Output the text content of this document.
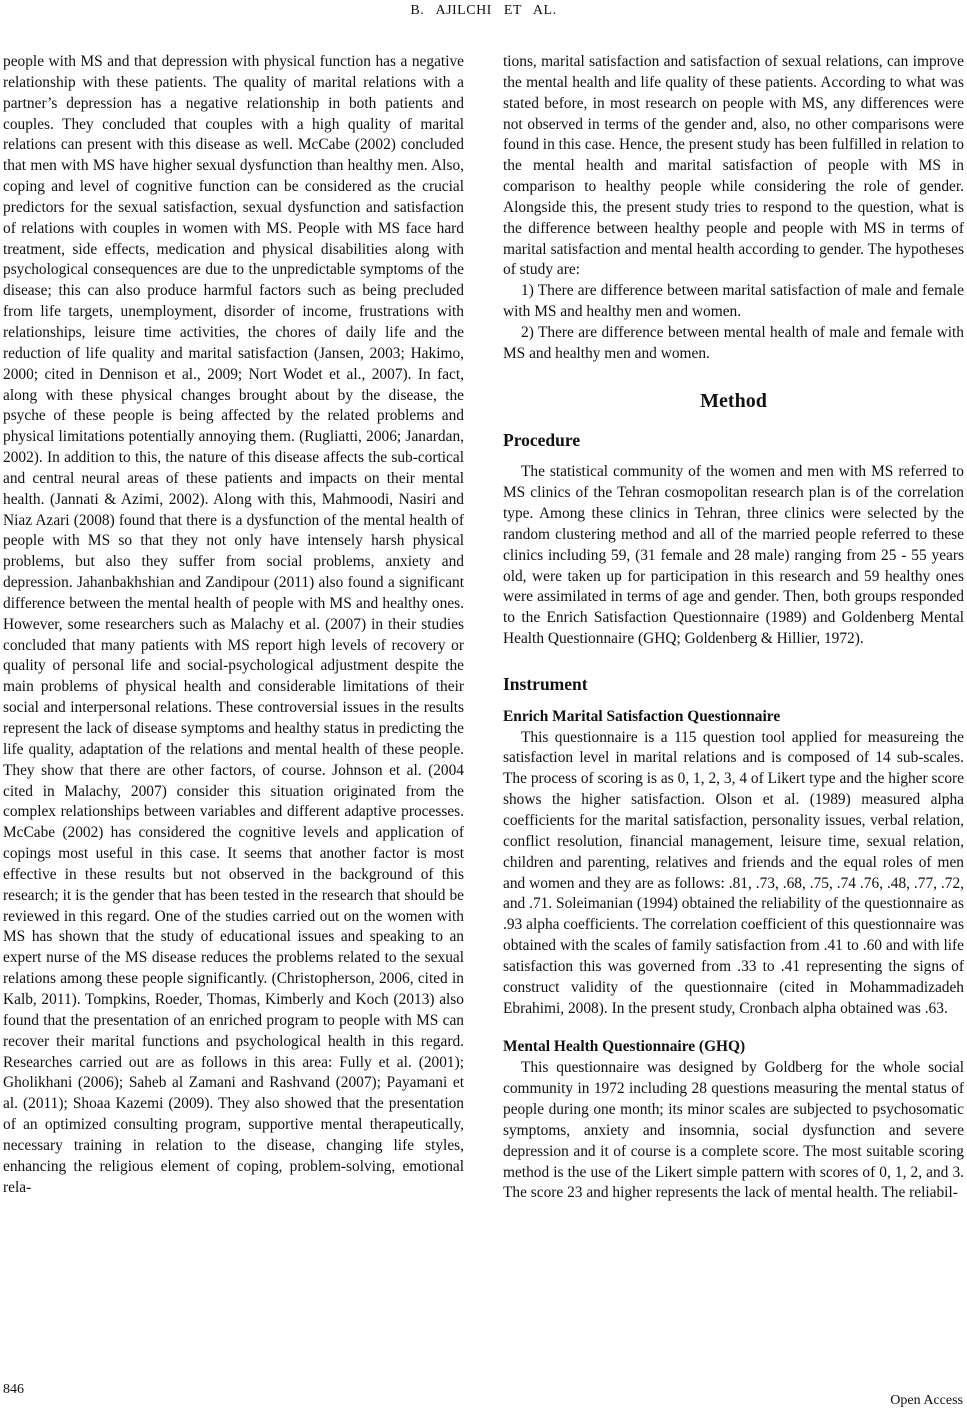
B. AJILCHI ET AL.

people with MS and that depression with physical function has a negative relationship with these patients. The quality of marital relations with a partner’s depression has a negative relationship in both patients and couples. They concluded that couples with a high quality of marital relations can present with this disease as well. McCabe (2002) concluded that men with MS have higher sexual dysfunction than healthy men. Also, coping and level of cognitive function can be considered as the crucial predictors for the sexual satisfaction, sexual dysfunction and satisfaction of relations with couples in women with MS. People with MS face hard treatment, side effects, medication and physical disabilities along with psychological consequences are due to the unpredictable symptoms of the disease; this can also produce harmful factors such as being precluded from life targets, unemployment, disorder of income, frustrations with relationships, leisure time activities, the chores of daily life and the reduction of life quality and marital satisfaction (Jansen, 2003; Hakimo, 2000; cited in Dennison et al., 2009; Nort Wodet et al., 2007). In fact, along with these physical changes brought about by the disease, the psyche of these people is being affected by the related problems and physical limitations potentially annoying them. (Rugliatti, 2006; Janardan, 2002). In addition to this, the nature of this disease affects the sub-cortical and central neural areas of these patients and impacts on their mental health. (Jannati & Azimi, 2002). Along with this, Mahmoodi, Nasiri and Niaz Azari (2008) found that there is a dysfunction of the mental health of people with MS so that they not only have intensely harsh physical problems, but also they suffer from social problems, anxiety and depression. Jahanbakhshian and Zandipour (2011) also found a significant difference between the mental health of people with MS and healthy ones. However, some researchers such as Malachy et al. (2007) in their studies concluded that many patients with MS report high levels of recovery or quality of personal life and social-psychological adjustment despite the main problems of physical health and considerable limitations of their social and interpersonal relations. These controversial issues in the results represent the lack of disease symptoms and healthy status in predicting the life quality, adaptation of the relations and mental health of these people. They show that there are other factors, of course. Johnson et al. (2004 cited in Malachy, 2007) consider this situation originated from the complex relationships between variables and different adaptive processes. McCabe (2002) has considered the cognitive levels and application of copings most useful in this case. It seems that another factor is most effective in these results but not observed in the background of this research; it is the gender that has been tested in the research that should be reviewed in this regard. One of the studies carried out on the women with MS has shown that the study of educational issues and speaking to an expert nurse of the MS disease reduces the problems related to the sexual relations among these people significantly. (Christopherson, 2006, cited in Kalb, 2011). Tompkins, Roeder, Thomas, Kimberly and Koch (2013) also found that the presentation of an enriched program to people with MS can recover their marital functions and psychological health in this regard. Researches carried out are as follows in this area: Fully et al. (2001); Gholikhani (2006); Saheb al Zamani and Rashvand (2007); Payamani et al. (2011); Shoaa Kazemi (2009). They also showed that the presentation of an optimized consulting program, supportive mental therapeutically, necessary training in relation to the disease, changing life styles, enhancing the religious element of coping, problem-solving, emotional rela-

tions, marital satisfaction and satisfaction of sexual relations, can improve the mental health and life quality of these patients. According to what was stated before, in most research on people with MS, any differences were not observed in terms of the gender and, also, no other comparisons were found in this case. Hence, the present study has been fulfilled in relation to the mental health and marital satisfaction of people with MS in comparison to healthy people while considering the role of gender. Alongside this, the present study tries to respond to the question, what is the difference between healthy people and people with MS in terms of marital satisfaction and mental health according to gender. The hypotheses of study are:

1) There are difference between marital satisfaction of male and female with MS and healthy men and women.

2) There are difference between mental health of male and female with MS and healthy men and women.

Method

Procedure

The statistical community of the women and men with MS referred to MS clinics of the Tehran cosmopolitan research plan is of the correlation type. Among these clinics in Tehran, three clinics were selected by the random clustering method and all of the married people referred to these clinics including 59, (31 female and 28 male) ranging from 25 - 55 years old, were taken up for participation in this research and 59 healthy ones were assimilated in terms of age and gender. Then, both groups responded to the Enrich Satisfaction Questionnaire (1989) and Goldenberg Mental Health Questionnaire (GHQ; Goldenberg & Hillier, 1972).

Instrument

Enrich Marital Satisfaction Questionnaire

This questionnaire is a 115 question tool applied for measureing the satisfaction level in marital relations and is composed of 14 sub-scales. The process of scoring is as 0, 1, 2, 3, 4 of Likert type and the higher score shows the higher satisfaction. Olson et al. (1989) measured alpha coefficients for the marital satisfaction, personality issues, verbal relation, conflict resolution, financial management, leisure time, sexual relation, children and parenting, relatives and friends and the equal roles of men and women and they are as follows: .81, .73, .68, .75, .74 .76, .48, .77, .72, and .71. Soleimanian (1994) obtained the reliability of the questionnaire as .93 alpha coefficients. The correlation coefficient of this questionnaire was obtained with the scales of family satisfaction from .41 to .60 and with life satisfaction this was governed from .33 to .41 representing the signs of construct validity of the questionnaire (cited in Mohammadizadeh Ebrahimi, 2008). In the present study, Cronbach alpha obtained was .63.

Mental Health Questionnaire (GHQ)

This questionnaire was designed by Goldberg for the whole social community in 1972 including 28 questions measuring the mental status of people during one month; its minor scales are subjected to psychosomatic symptoms, anxiety and insomnia, social dysfunction and severe depression and it of course is a complete score. The most suitable scoring method is the use of the Likert simple pattern with scores of 0, 1, 2, and 3. The score 23 and higher represents the lack of mental health. The reliabil-

846
Open Access
